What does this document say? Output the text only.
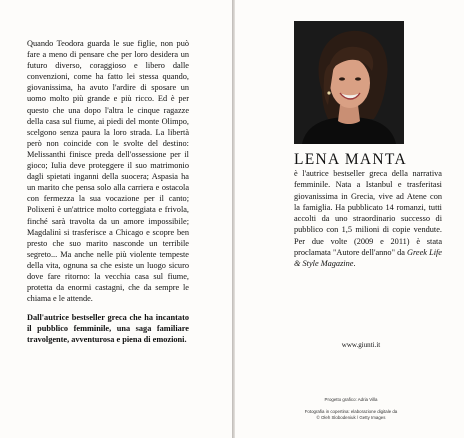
Quando Teodora guarda le sue figlie, non può fare a meno di pensare che per loro desidera un futuro diverso, coraggioso e libero dalle convenzioni, come ha fatto lei stessa quando, giovanissima, ha avuto l'ardire di sposare un uomo molto più grande e più ricco. Ed è per questo che una dopo l'altra le cinque ragazze della casa sul fiume, ai piedi del monte Olimpo, scelgono senza paura la loro strada. La libertà però non coincide con le svolte del destino: Melissanthi finisce preda dell'ossessione per il gioco; Iulia deve proteggere il suo matrimonio dagli spietati inganni della suocera; Aspasia ha un marito che pensa solo alla carriera e ostacola con fermezza la sua vocazione per il canto; Polixenì è un'attrice molto corteggiata e frivola, finché sarà travolta da un amore impossibile; Magdalinì si trasferisce a Chicago e scopre ben presto che suo marito nasconde un terribile segreto... Ma anche nelle più violente tempeste della vita, ognuna sa che esiste un luogo sicuro dove fare ritorno: la vecchia casa sul fiume, protetta da enormi castagni, che da sempre le chiama e le attende.

Dall'autrice bestseller greca che ha incantato il pubblico femminile, una saga familiare travolgente, avventurosa e piena di emozioni.

LENA MANTA
è l'autrice bestseller greca della narrativa femminile. Nata a Istanbul e trasferitasi giovanissima in Grecia, vive ad Atene con la famiglia. Ha pubblicato 14 romanzi, tutti accolti da uno straordinario successo di pubblico con 1,5 milioni di copie vendute. Per due volte (2009 e 2011) è stata proclamata "Autore dell'anno" da Greek Life & Style Magazine.
www.giunti.it
Progetto grafico: Adria Villa
Fotografia in copertina: elaborazione digitale da
© Oleh Slobodeniuk / Getty Images
